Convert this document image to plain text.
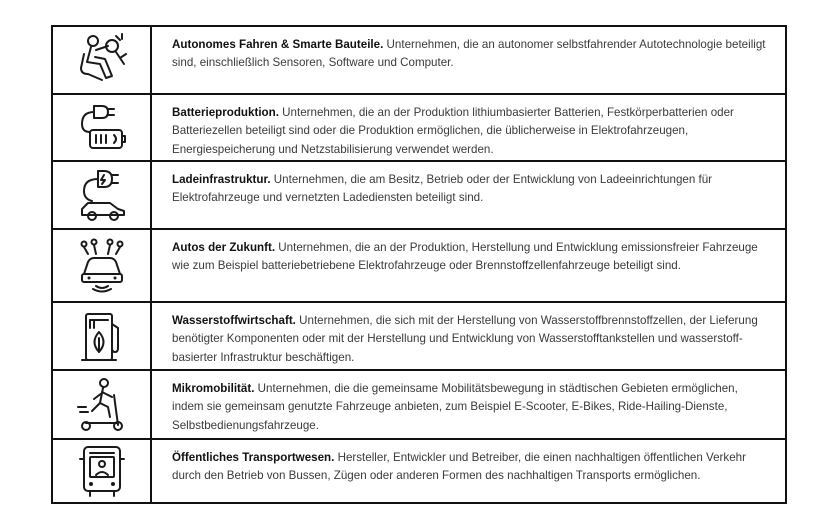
Autonomes Fahren & Smarte Bauteile. Unternehmen, die an autonomer selbstfahrender Autotechnologie beteiligt sind, einschließlich Sensoren, Software und Computer.
Batterieproduktion. Unternehmen, die an der Produktion lithiumbasierter Batterien, Festkörperbatterien oder Batteriezellen beteiligt sind oder die Produktion ermöglichen, die üblicherweise in Elektrofahrzeugen, Energiespeicherung und Netzstabilisierung verwendet werden.
Ladeinfrastruktur. Unternehmen, die am Besitz, Betrieb oder der Entwicklung von Ladeeinrichtungen für Elektrofahrzeuge und vernetzten Ladediensten beteiligt sind.
Autos der Zukunft. Unternehmen, die an der Produktion, Herstellung und Entwicklung emissionsfreier Fahrzeuge wie zum Beispiel batteriebetriebene Elektrofahrzeuge oder Brennstoffzellenfahrzeuge beteiligt sind.
Wasserstoffwirtschaft. Unternehmen, die sich mit der Herstellung von Wasserstoffbrennstoffzellen, der Lieferung benötigter Komponenten oder mit der Herstellung und Entwicklung von Wasserstofftankstellen und wasserstoff-basierter Infrastruktur beschäftigen.
Mikromobilität. Unternehmen, die die gemeinsame Mobilitätsbewegung in städtischen Gebieten ermöglichen, indem sie gemeinsam genutzte Fahrzeuge anbieten, zum Beispiel E-Scooter, E-Bikes, Ride-Hailing-Dienste, Selbstbedienungsfahrzeuge.
Öffentliches Transportwesen. Hersteller, Entwickler und Betreiber, die einen nachhaltigen öffentlichen Verkehr durch den Betrieb von Bussen, Zügen oder anderen Formen des nachhaltigen Transports ermöglichen.
